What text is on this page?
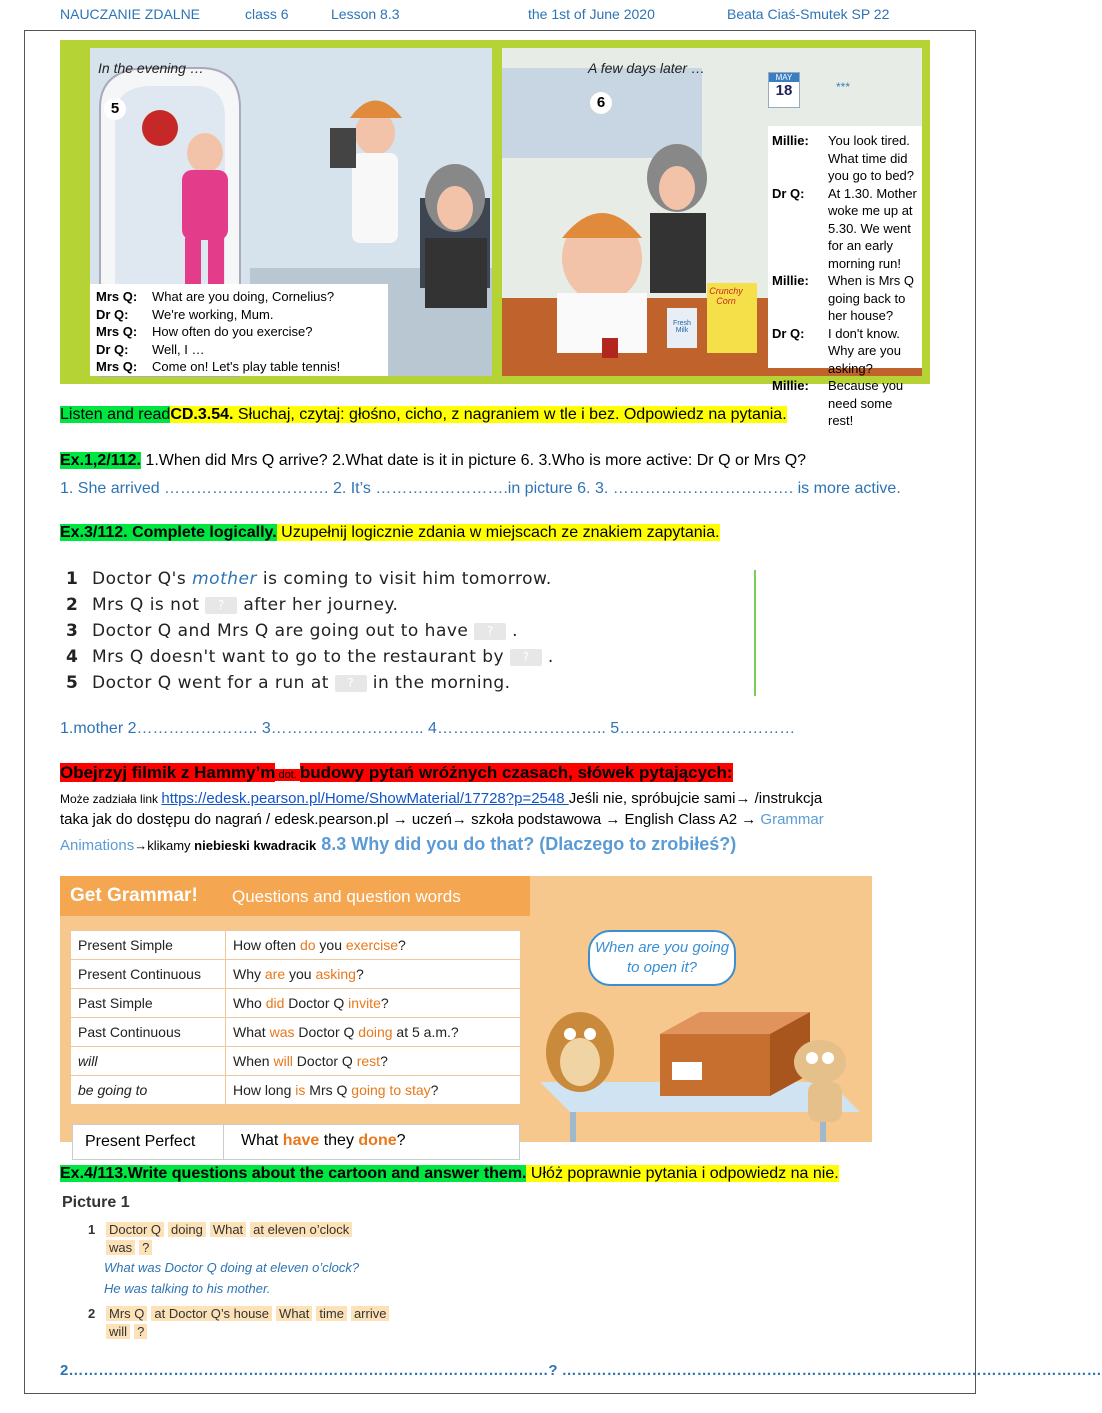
NAUCZANIE ZDALNE	class 6	Lesson 8.3	the 1st of June 2020	Beata Ciaś-Smutek SP 22
In the evening …
5
Mrs Q:	What are you doing, Cornelius?
Dr Q:	We're working, Mum.
Mrs Q:	How often do you exercise?
Dr Q:	Well, I …
Mrs Q:	Come on! Let's play table tennis!
A few days later …
6
MAY
18	***
Crunchy Corn
Fresh Milk
Millie:	You look tired. What time did you go to bed?
Dr Q:	At 1.30. Mother woke me up at 5.30. We went for an early morning run!
Millie:	When is Mrs Q going back to her house?
Dr Q:	I don't know. Why are you asking?
Millie:	Because you need some rest!
Listen and readCD.3.54. Słuchaj, czytaj: głośno, cicho, z nagraniem w tle i bez. Odpowiedz na pytania.
Ex.1,2/112. 1.When did Mrs Q arrive? 2.What date is it in picture 6. 3.Who is more active: Dr Q or Mrs Q?
1. She arrived …………………………. 2. It’s …………………….in picture 6. 3. ……………………………. is more active.
Ex.3/112. Complete logically. Uzupełnij logicznie zdania w miejscach ze znakiem zapytania.
1 Doctor Q's mother is coming to visit him tomorrow.
2 Mrs Q is not ? after her journey.
3 Doctor Q and Mrs Q are going out to have ? .
4 Mrs Q doesn't want to go to the restaurant by ? .
5 Doctor Q went for a run at ? in the morning.
1.mother 2………………….. 3……………………….. 4………………………….. 5……………………………
Obejrzyj filmik z Hammy’m dot. budowy pytań wróżnych czasach, słówek pytających:
Może zadziała link https://edesk.pearson.pl/Home/ShowMaterial/17728?p=2548 Jeśli nie, spróbujcie sami→ /instrukcja
taka jak do dostępu do nagrań / edesk.pearson.pl → uczeń→ szkoła podstawowa → English Class A2 → Grammar
Animations→klikamy niebieski kwadracik 8.3 Why did you do that? (Dlaczego to zrobiłeś?)
Get Grammar! Questions and question words
Present Simple	How often do you exercise?
Present Continuous	Why are you asking?
Past Simple	Who did Doctor Q invite?
Past Continuous	What was Doctor Q doing at 5 a.m.?
will	When will Doctor Q rest?
be going to	How long is Mrs Q going to stay?
When are you going to open it?
Present Perfect	What have they done?
Ex.4/113.Write questions about the cartoon and answer them. Ułóż poprawnie pytania i odpowiedz na nie.
Picture 1
1 Doctor Q doing What at eleven o’clock
was ?
What was Doctor Q doing at eleven o’clock?
He was talking to his mother.
2 Mrs Q at Doctor Q’s house What time arrive
will ?
2……………………………………………………………………………………? ………………………………………………………………………………………………
